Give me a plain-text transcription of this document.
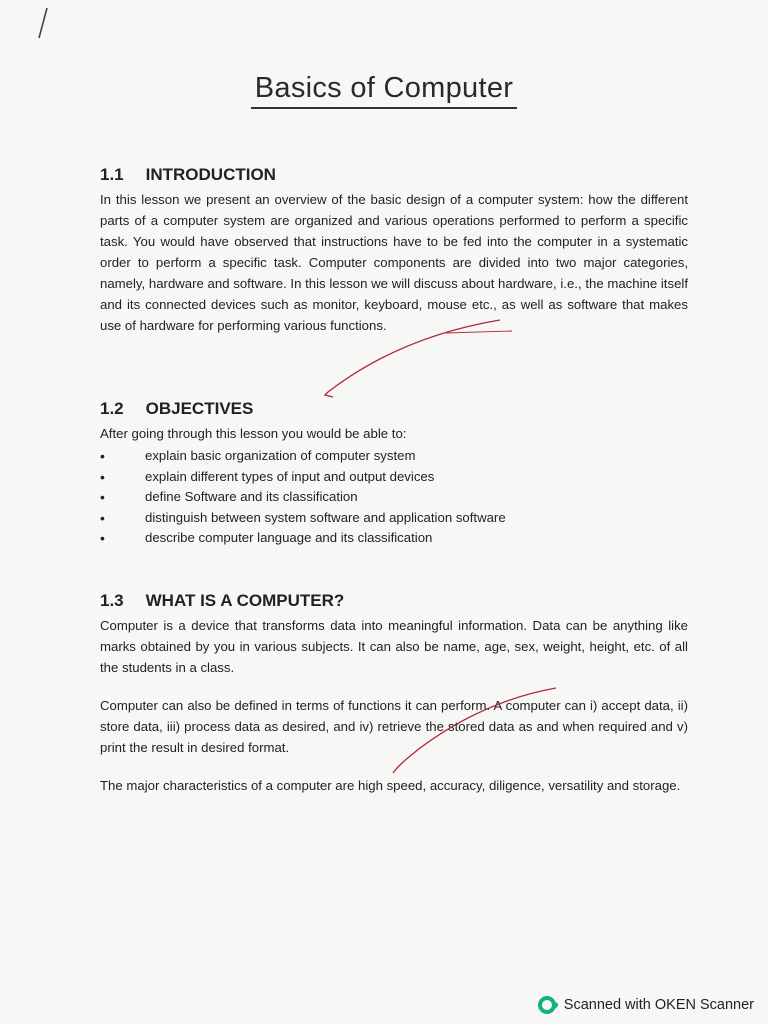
Basics of Computer
1.1 INTRODUCTION

In this lesson we present an overview of the basic design of a computer system: how the different parts of a computer system are organized and various operations performed to perform a specific task. You would have observed that instructions have to be fed into the computer in a systematic order to perform a specific task. Computer components are divided into two major categories, namely, hardware and software. In this lesson we will discuss about hardware, i.e., the machine itself and its connected devices such as monitor, keyboard, mouse etc., as well as software that makes use of hardware for performing various functions.

1.2 OBJECTIVES

After going through this lesson you would be able to:

•	explain basic organization of computer system
•	explain different types of input and output devices
•	define Software and its classification
•	distinguish between system software and application software
•	describe computer language and its classification
1.3 WHAT IS A COMPUTER?

Computer is a device that transforms data into meaningful information. Data can be anything like marks obtained by you in various subjects. It can also be name, age, sex, weight, height, etc. of all the students in a class.

Computer can also be defined in terms of functions it can perform. A computer can i) accept data, ii) store data, iii) process data as desired, and iv) retrieve the stored data as and when required and v) print the result in desired format.

The major characteristics of a computer are high speed, accuracy, diligence, versatility and storage.

Scanned with OKEN Scanner
